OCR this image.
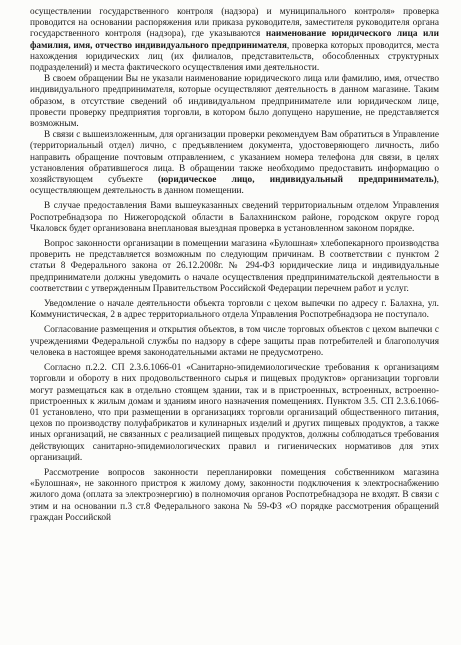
осуществлении государственного контроля (надзора) и муниципального контроля» проверка проводится на основании распоряжения или приказа руководителя, заместителя руководителя органа государственного контроля (надзора), где указываются наименование юридического лица или фамилия, имя, отчество индивидуального предпринимателя, проверка которых проводится, места нахождения юридических лиц (их филиалов, представительств, обособленных структурных подразделений) и места фактического осуществления ими деятельности.

В своем обращении Вы не указали наименование юридического лица или фамилию, имя, отчество индивидуального предпринимателя, которые осуществляют деятельность в данном магазине. Таким образом, в отсутствие сведений об индивидуальном предпринимателе или юридическом лице, провести проверку предприятия торговли, в котором было допущено нарушение, не представляется возможным.

В связи с вышеизложенным, для организации проверки рекомендуем Вам обратиться в Управление (территориальный отдел) лично, с предъявлением документа, удостоверяющего личность, либо направить обращение почтовым отправлением, с указанием номера телефона для связи, в целях установления обратившегося лица. В обращении также необходимо предоставить информацию о хозяйствующем субъекте (юридическое лицо, индивидуальный предприниматель), осуществляющем деятельность в данном помещении.

В случае предоставления Вами вышеуказанных сведений территориальным отделом Управления Роспотребнадзора по Нижегородской области в Балахнинском районе, городском округе город Чкаловск будет организована внеплановая выездная проверка в установленном законом порядке.

Вопрос законности организации в помещении магазина «Булошная» хлебопекарного производства проверить не представляется возможным по следующим причинам. В соответствии с пунктом 2 статьи 8 Федерального закона от 26.12.2008г. № 294-ФЗ юридические лица и индивидуальные предприниматели должны уведомить о начале осуществления предпринимательской деятельности в соответствии с утвержденным Правительством Российской Федерации перечнем работ и услуг.

Уведомление о начале деятельности объекта торговли с цехом выпечки по адресу г. Балахна, ул. Коммунистическая, 2 в адрес территориального отдела Управления Роспотребнадзора не поступало.

Согласование размещения и открытия объектов, в том числе торговых объектов с цехом выпечки с учреждениями Федеральной службы по надзору в сфере защиты прав потребителей и благополучия человека в настоящее время законодательными актами не предусмотрено.

Согласно п.2.2. СП 2.3.6.1066-01 «Санитарно-эпидемиологические требования к организациям торговли и обороту в них продовольственного сырья и пищевых продуктов» организации торговли могут размещаться как в отдельно стоящем здании, так и в пристроенных, встроенных, встроенно-пристроенных к жилым домам и зданиям иного назначения помещениях. Пунктом 3.5. СП 2.3.6.1066-01 установлено, что при размещении в организациях торговли организаций общественного питания, цехов по производству полуфабрикатов и кулинарных изделий и других пищевых продуктов, а также иных организаций, не связанных с реализацией пищевых продуктов, должны соблюдаться требования действующих санитарно-эпидемиологических правил и гигиенических нормативов для этих организаций.

Рассмотрение вопросов законности перепланировки помещения собственником магазина «Булошная», не законного пристроя к жилому дому, законности подключения к электроснабжению жилого дома (оплата за электроэнергию) в полномочия органов Роспотребнадзора не входят. В связи с этим и на основании п.3 ст.8 Федерального закона № 59-ФЗ «О порядке рассмотрения обращений граждан Российской
